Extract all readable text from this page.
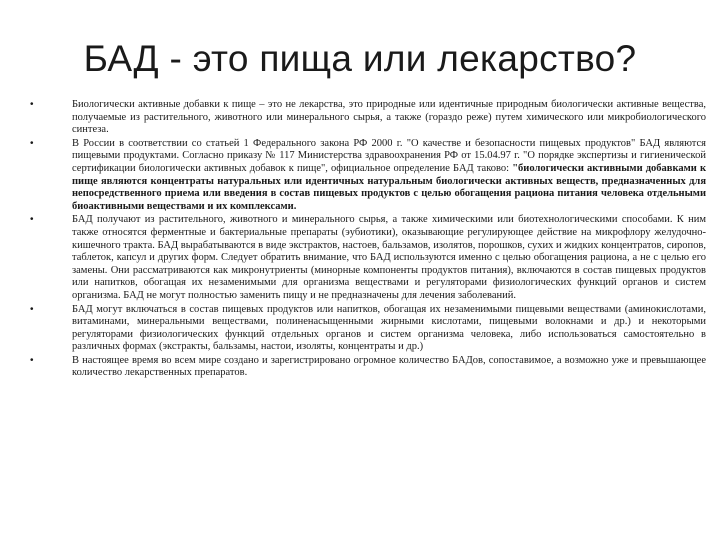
БАД - это пища или лекарство?
•	Биологически активные добавки к пище – это не лекарства, это природные или идентичные природным биологически активные вещества, получаемые из растительного, животного или минерального сырья, а также (гораздо реже) путем химического или микробиологического синтеза.
•	В России в соответствии со статьей 1 Федерального закона РФ 2000 г. "О качестве и безопасности пищевых продуктов" БАД являются пищевыми продуктами. Согласно приказу № 117 Министерства здравоохранения РФ от 15.04.97 г. "О порядке экспертизы и гигиенической сертификации биологически активных добавок к пище", официальное определение БАД таково: "биологически активными добавками к пище являются концентраты натуральных или идентичных натуральным биологически активных веществ, предназначенных для непосредственного приема или введения в состав пищевых продуктов с целью обогащения рациона питания человека отдельными биоактивными веществами и их комплексами.
•	БАД получают из растительного, животного и минерального сырья, а также химическими или биотехнологическими способами. К ним также относятся ферментные и бактериальные препараты (эубиотики), оказывающие регулирующее действие на микрофлору желудочно-кишечного тракта. БАД вырабатываются в виде экстрактов, настоев, бальзамов, изолятов, порошков, сухих и жидких концентратов, сиропов, таблеток, капсул и других форм. Следует обратить внимание, что БАД используются именно с целью обогащения рациона, а не с целью его замены. Они рассматриваются как микронутриенты (минорные компоненты продуктов питания), включаются в состав пищевых продуктов или напитков, обогащая их незаменимыми для организма веществами и регуляторами физиологических функций органов и систем организма. БАД не могут полностью заменить пищу и не предназначены для лечения заболеваний.
•	БАД могут включаться в состав пищевых продуктов или напитков, обогащая их незаменимыми пищевыми веществами (аминокислотами, витаминами, минеральными веществами, полиненасыщенными жирными кислотами, пищевыми волокнами и др.) и некоторыми регуляторами физиологических функций отдельных органов и систем организма человека, либо использоваться самостоятельно в различных формах (экстракты, бальзамы, настои, изоляты, концентраты и др.)
•	В настоящее время во всем мире создано и зарегистрировано огромное количество БАДов, сопоставимое, а возможно уже и превышающее количество лекарственных препаратов.
